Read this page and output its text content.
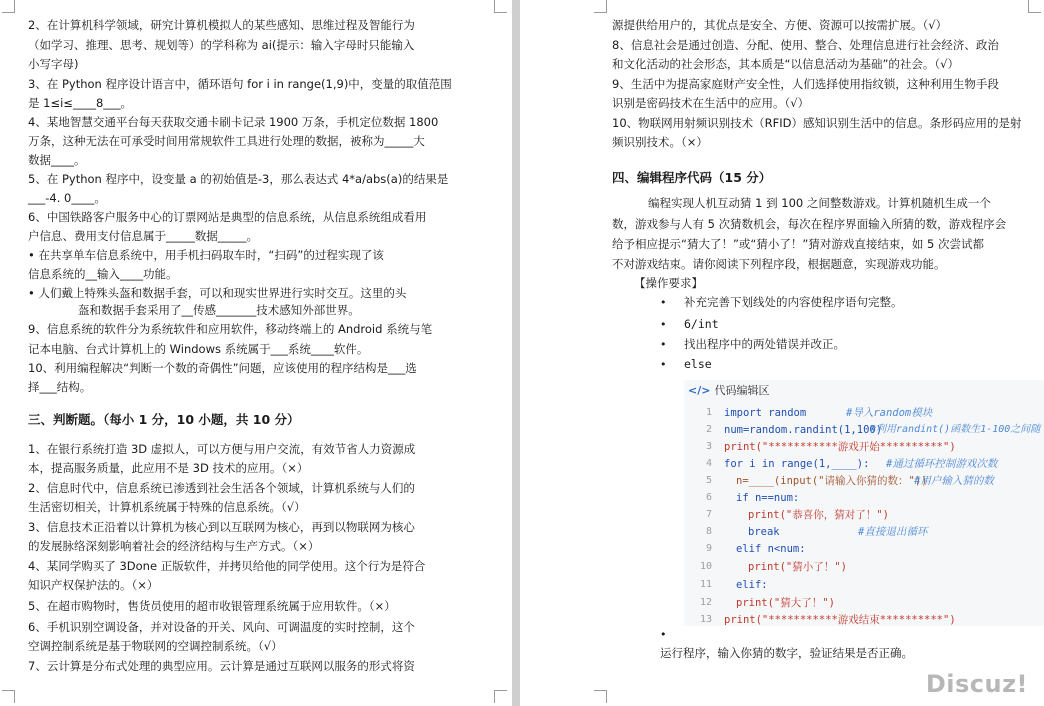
2、在计算机科学领域，研究计算机模拟人的某些感知、思维过程及智能行为
（如学习、推理、思考、规划等）的学科称为 ai(提示：输入字母时只能输入
小写字母)
3、在 Python 程序设计语言中，循环语句 for i in range(1,9)中，变量的取值范围
是 1≤i≤____8___。
4、某地智慧交通平台每天获取交通卡刷卡记录 1900 万条，手机定位数据 1800
万条，这种无法在可承受时间用常规软件工具进行处理的数据，被称为_____大
数据____。
5、在 Python 程序中，设变量 a 的初始值是-3，那么表达式 4*a/abs(a)的结果是
___-4. 0____。
6、中国铁路客户服务中心的订票网站是典型的信息系统，从信息系统组成看用
户信息、费用支付信息属于_____数据_____。
• 在共享单车信息系统中，用手机扫码取车时，“扫码”的过程实现了该
信息系统的__输入____功能。
• 人们戴上特殊头盔和数据手套，可以和现实世界进行实时交互。这里的头
盔和数据手套采用了__传感_______技术感知外部世界。
9、信息系统的软件分为系统软件和应用软件，移动终端上的 Android 系统与笔
记本电脑、台式计算机上的 Windows 系统属于___系统____软件。
10、利用编程解决“判断一个数的奇偶性”问题，应该使用的程序结构是___选
择___结构。
三、判断题。（每小 1 分，10 小题，共 10 分）
1、在银行系统打造 3D 虚拟人，可以方便与用户交流，有效节省人力资源成
本，提高服务质量，此应用不是 3D 技术的应用。（×）
2、信息时代中，信息系统已渗透到社会生活各个领域，计算机系统与人们的
生活密切相关，计算机系统属于特殊的信息系统。（√）
3、信息技术正沿着以计算机为核心到以互联网为核心，再到以物联网为核心
的发展脉络深刻影响着社会的经济结构与生产方式。（×）
4、某同学购买了 3Done 正版软件，并拷贝给他的同学使用。这个行为是符合
知识产权保护法的。（×）
5、在超市购物时，售货员使用的超市收银管理系统属于应用软件。（×）
6、手机识别空调设备，并对设备的开关、风向、可调温度的实时控制，这个
空调控制系统是基于物联网的空调控制系统。（√）
7、云计算是分布式处理的典型应用。云计算是通过互联网以服务的形式将资
源提供给用户的，其优点是安全、方便、资源可以按需扩展。（√）
8、信息社会是通过创造、分配、使用、整合、处理信息进行社会经济、政治
和文化活动的社会形态，其本质是“以信息活动为基础”的社会。（√）
9、生活中为提高家庭财产安全性，人们选择使用指纹锁，这种利用生物手段
识别是密码技术在生活中的应用。（√）
10、物联网用射频识别技术（RFID）感知识别生活中的信息。条形码应用的是射
频识别技术。（×）
四、编辑程序代码（15 分）
编程实现人机互动猜 1 到 100 之间整数游戏。计算机随机生成一个
数，游戏参与人有 5 次猜数机会，每次在程序界面输入所猜的数，游戏程序会
给予相应提示“猜大了！”或“猜小了！”猜对游戏直接结束，如 5 次尝试都
不对游戏结束。请你阅读下列程序段，根据题意，实现游戏功能。
【操作要求】
• 补充完善下划线处的内容使程序语句完整。
• 6/int
• 找出程序中的两处错误并改正。
• else
</> 代码编辑区
1 import random	#导入random模块
2 num=random.randint(1,100)
#利用randint()函数生1-100之间随
3 print("***********游戏开始**********")
4 for i in range(1,____): #通过循环控制游戏次数
5 n=____(input("请输入你猜的数："))
#用户输入猜的数
6 if n==num:
7	print("恭喜你，猜对了！")
8	break	#直接退出循环
9 elif n<num:
10	print("猜小了！")
11 elif:
12 print("猜大了！")
13 print("***********游戏结束**********")
•
运行程序，输入你猜的数字，验证结果是否正确。
Discuz!
